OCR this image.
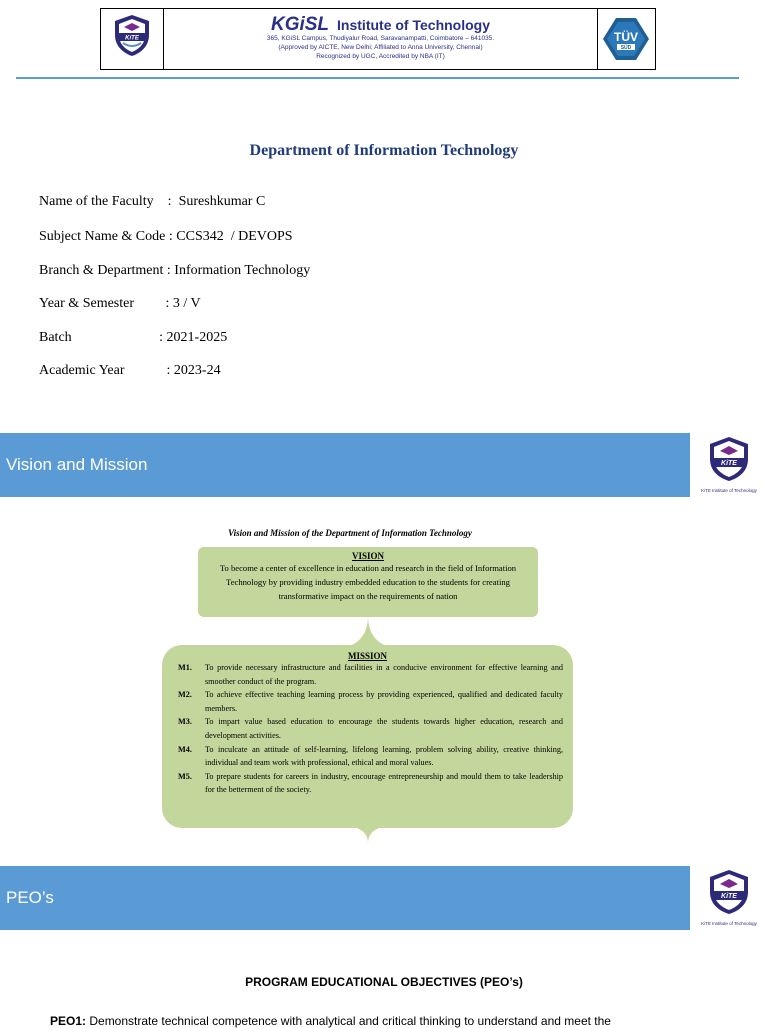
KiTE
KGiSL Institute of Technology
365, KGiSL Campus, Thudiyalur Road, Saravanampatti, Coimbatore – 641035.
(Approved by AICTE, New Delhi; Affiliated to Anna University, Chennai)
Recognized by UGC, Accredited by NBA (IT)
TÜV
SÜD
Department of Information Technology

Name of the Faculty    :  Sureshkumar C

Subject Name & Code : CCS342  / DEVOPS

Branch & Department : Information Technology

Year & Semester         : 3 / V

Batch                         : 2021-2025

Academic Year            : 2023-24

Vision and Mission	KiTE
KiTE Institute of Technology
Vision and Mission of the Department of Information Technology
VISION
To become a center of excellence in education and research in the field of Information Technology by providing industry embedded education to the students for creating transformative impact on the requirements of nation
MISSION
M1.	To provide necessary infrastructure and facilities in a conducive environment for effective learning and smoother conduct of the program.
M2.	To achieve effective teaching learning process by providing experienced, qualified and dedicated faculty members.
M3.	To impart value based education to encourage the students towards higher education, research and development activities.
M4.	To inculcate an attitude of self-learning, lifelong learning, problem solving ability, creative thinking, individual and team work with professional, ethical and moral values.
M5.	To prepare students for careers in industry, encourage entrepreneurship and mould them to take leadership for the betterment of the society.
PEO’s	KiTE
KiTE Institute of Technology
PROGRAM EDUCATIONAL OBJECTIVES (PEO’s)
PEO1: Demonstrate technical competence with analytical and critical thinking to understand and meet the
